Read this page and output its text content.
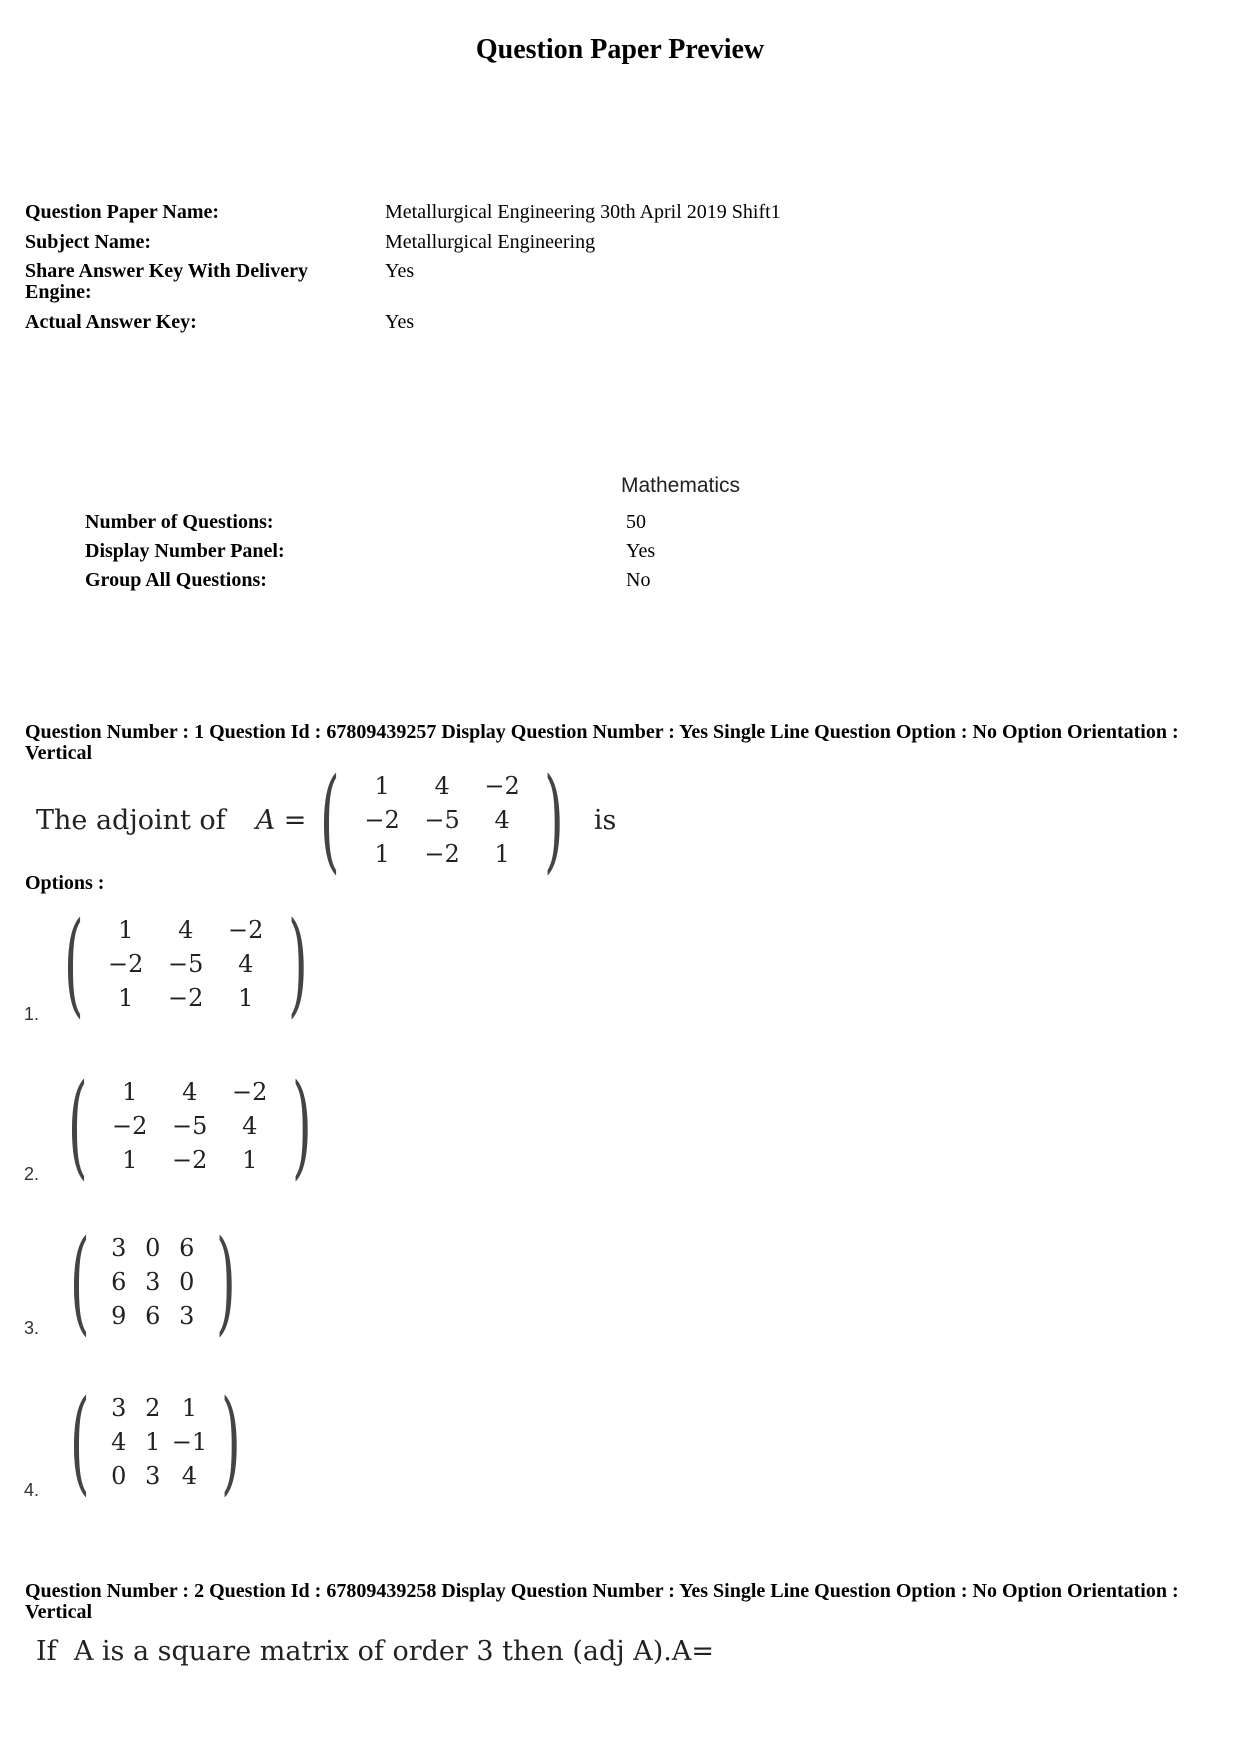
Question Paper Preview
Question Paper Name:	Metallurgical Engineering 30th April 2019 Shift1
Subject Name:	Metallurgical Engineering
Share Answer Key With Delivery Engine:
Yes
Actual Answer Key:	Yes
Mathematics
Number of Questions:	50
Display Number Panel:	Yes
Group All Questions:	No
Question Number : 1 Question Id : 67809439257 Display Question Number : Yes Single Line Question Option : No Option Orientation : Vertical
The adjoint of A = ( 1	4	−2
−2	−5	4
1	−2	1 ) is
Options :
1. ( 1	4	−2
−2	−5	4
1	−2	1 )
2. ( 1	4	−2
−2	−5	4
1	−2	1 )
3. ( 3	0	6
6	3	0
9	6	3 )
4. ( 3	2	1
4	1	−1
0	3	4 )
Question Number : 2 Question Id : 67809439258 Display Question Number : Yes Single Line Question Option : No Option Orientation : Vertical
If  A is a square matrix of order 3 then (adj A).A=
